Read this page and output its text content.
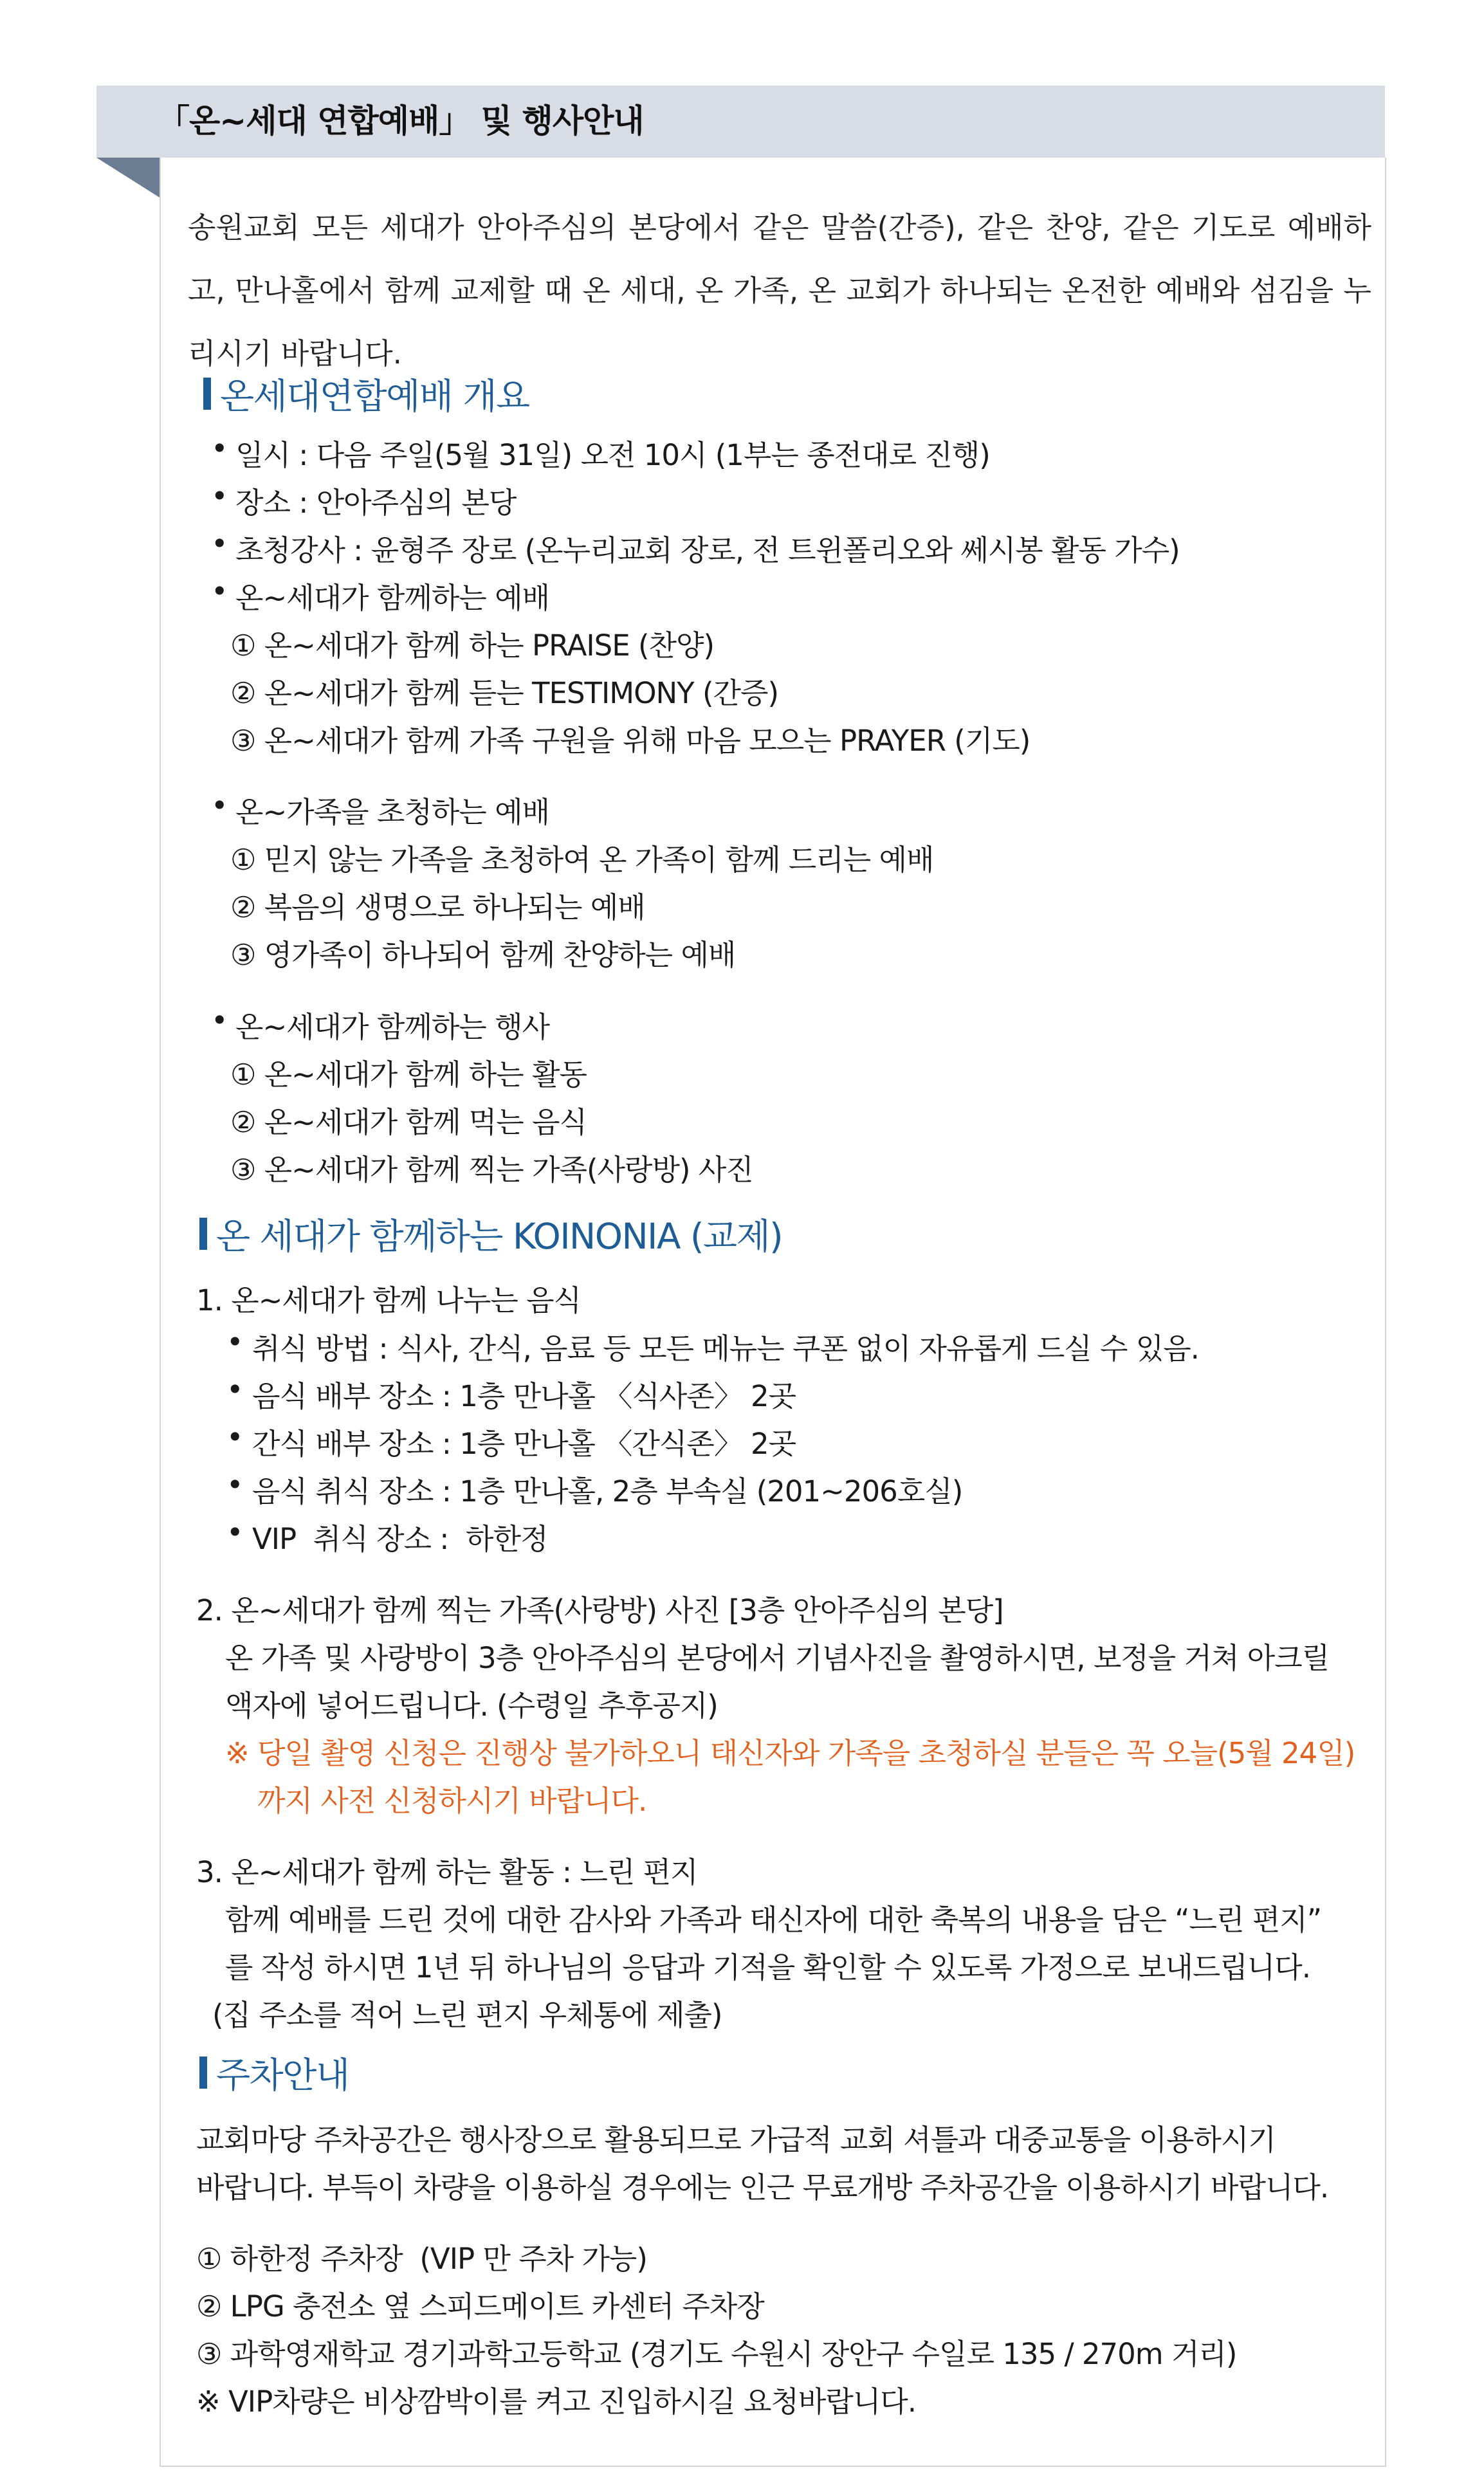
「온~세대 연합예배」 및 행사안내
송원교회 모든 세대가 안아주심의 본당에서 같은 말씀(간증), 같은 찬양, 같은 기도로 예배하고, 만나홀에서 함께 교제할 때 온 세대, 온 가족, 온 교회가 하나되는 온전한 예배와 섬김을 누리시기 바랍니다.
온세대연합예배 개요
• 일시 : 다음 주일(5월 31일) 오전 10시 (1부는 종전대로 진행)
• 장소 : 안아주심의 본당
• 초청강사 : 윤형주 장로 (온누리교회 장로, 전 트윈폴리오와 쎄시봉 활동 가수)
• 온~세대가 함께하는 예배
① 온~세대가 함께 하는 PRAISE (찬양)
② 온~세대가 함께 듣는 TESTIMONY (간증)
③ 온~세대가 함께 가족 구원을 위해 마음 모으는 PRAYER (기도)
• 온~가족을 초청하는 예배
① 믿지 않는 가족을 초청하여 온 가족이 함께 드리는 예배
② 복음의 생명으로 하나되는 예배
③ 영가족이 하나되어 함께 찬양하는 예배
• 온~세대가 함께하는 행사
① 온~세대가 함께 하는 활동
② 온~세대가 함께 먹는 음식
③ 온~세대가 함께 찍는 가족(사랑방) 사진
온 세대가 함께하는 KOINONIA (교제)
1. 온~세대가 함께 나누는 음식
• 취식 방법 : 식사, 간식, 음료 등 모든 메뉴는 쿠폰 없이 자유롭게 드실 수 있음.
• 음식 배부 장소 : 1층 만나홀 〈식사존〉 2곳
• 간식 배부 장소 : 1층 만나홀 〈간식존〉 2곳
• 음식 취식 장소 : 1층 만나홀, 2층 부속실 (201~206호실)
• VIP  취식 장소 :  하한정
2. 온~세대가 함께 찍는 가족(사랑방) 사진 [3층 안아주심의 본당]
온 가족 및 사랑방이 3층 안아주심의 본당에서 기념사진을 촬영하시면, 보정을 거쳐 아크릴
액자에 넣어드립니다. (수령일 추후공지)
※ 당일 촬영 신청은 진행상 불가하오니 태신자와 가족을 초청하실 분들은 꼭 오늘(5월 24일)
까지 사전 신청하시기 바랍니다.
3. 온~세대가 함께 하는 활동 : 느린 편지
함께 예배를 드린 것에 대한 감사와 가족과 태신자에 대한 축복의 내용을 담은 “느린 편지”
를 작성 하시면 1년 뒤 하나님의 응답과 기적을 확인할 수 있도록 가정으로 보내드립니다.
(집 주소를 적어 느린 편지 우체통에 제출)
주차안내
교회마당 주차공간은 행사장으로 활용되므로 가급적 교회 셔틀과 대중교통을 이용하시기
바랍니다. 부득이 차량을 이용하실 경우에는 인근 무료개방 주차공간을 이용하시기 바랍니다.
① 하한정 주차장  (VIP 만 주차 가능)
② LPG 충전소 옆 스피드메이트 카센터 주차장
③ 과학영재학교 경기과학고등학교 (경기도 수원시 장안구 수일로 135 / 270m 거리)
※ VIP차량은 비상깜박이를 켜고 진입하시길 요청바랍니다.
